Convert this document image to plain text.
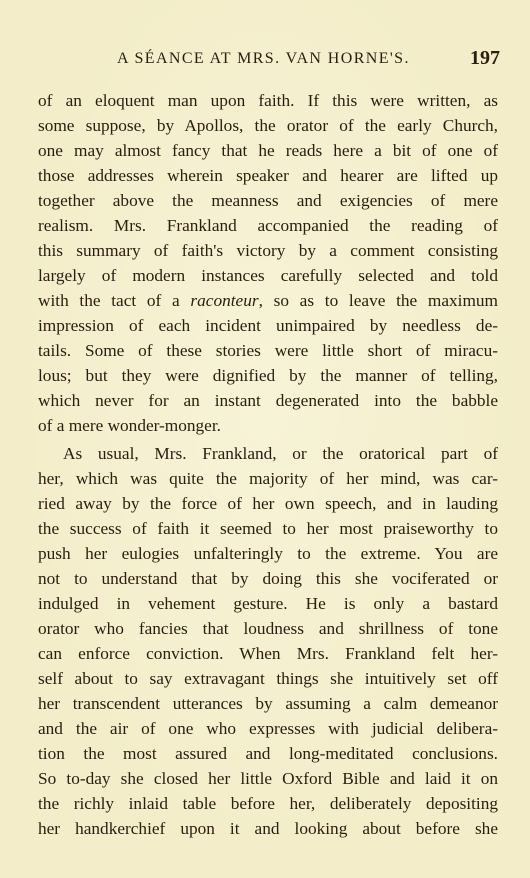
A SÉANCE AT MRS. VAN HORNE'S.	197
of an eloquent man upon faith. If this were written, as
some suppose, by Apollos, the orator of the early Church,
one may almost fancy that he reads here a bit of one of
those addresses wherein speaker and hearer are lifted up
together above the meanness and exigencies of mere
realism. Mrs. Frankland accompanied the reading of
this summary of faith's victory by a comment consisting
largely of modern instances carefully selected and told
with the tact of a raconteur, so as to leave the maximum
impression of each incident unimpaired by needless de-
tails. Some of these stories were little short of miracu-
lous; but they were dignified by the manner of telling,
which never for an instant degenerated into the babble
of a mere wonder-monger.
As usual, Mrs. Frankland, or the oratorical part of
her, which was quite the majority of her mind, was car-
ried away by the force of her own speech, and in lauding
the success of faith it seemed to her most praiseworthy to
push her eulogies unfalteringly to the extreme. You are
not to understand that by doing this she vociferated or
indulged in vehement gesture. He is only a bastard
orator who fancies that loudness and shrillness of tone
can enforce conviction. When Mrs. Frankland felt her-
self about to say extravagant things she intuitively set off
her transcendent utterances by assuming a calm demeanor
and the air of one who expresses with judicial delibera-
tion the most assured and long-meditated conclusions.
So to-day she closed her little Oxford Bible and laid it on
the richly inlaid table before her, deliberately depositing
her handkerchief upon it and looking about before she
